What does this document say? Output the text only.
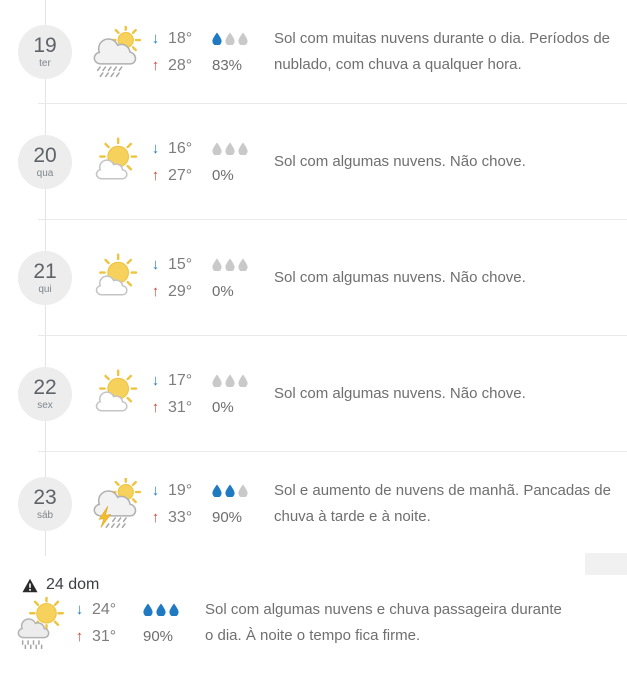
19
ter
↓ 18°
↑ 28° 83%
Sol com muitas nuvens durante o dia. Períodos de nublado, com chuva a qualquer hora.
20
qua
↓ 16°
↑ 27° 0%
Sol com algumas nuvens. Não chove.
21
qui
↓ 15°
↑ 29° 0%
Sol com algumas nuvens. Não chove.
22
sex
↓ 17°
↑ 31° 0%
Sol com algumas nuvens. Não chove.
23
sáb
↓ 19°
↑ 33° 90%
Sol e aumento de nuvens de manhã. Pancadas de chuva à tarde e à noite.
24 dom
↓ 24°
↑ 31° 90%
Sol com algumas nuvens e chuva passageira durante o dia. À noite o tempo fica firme.
